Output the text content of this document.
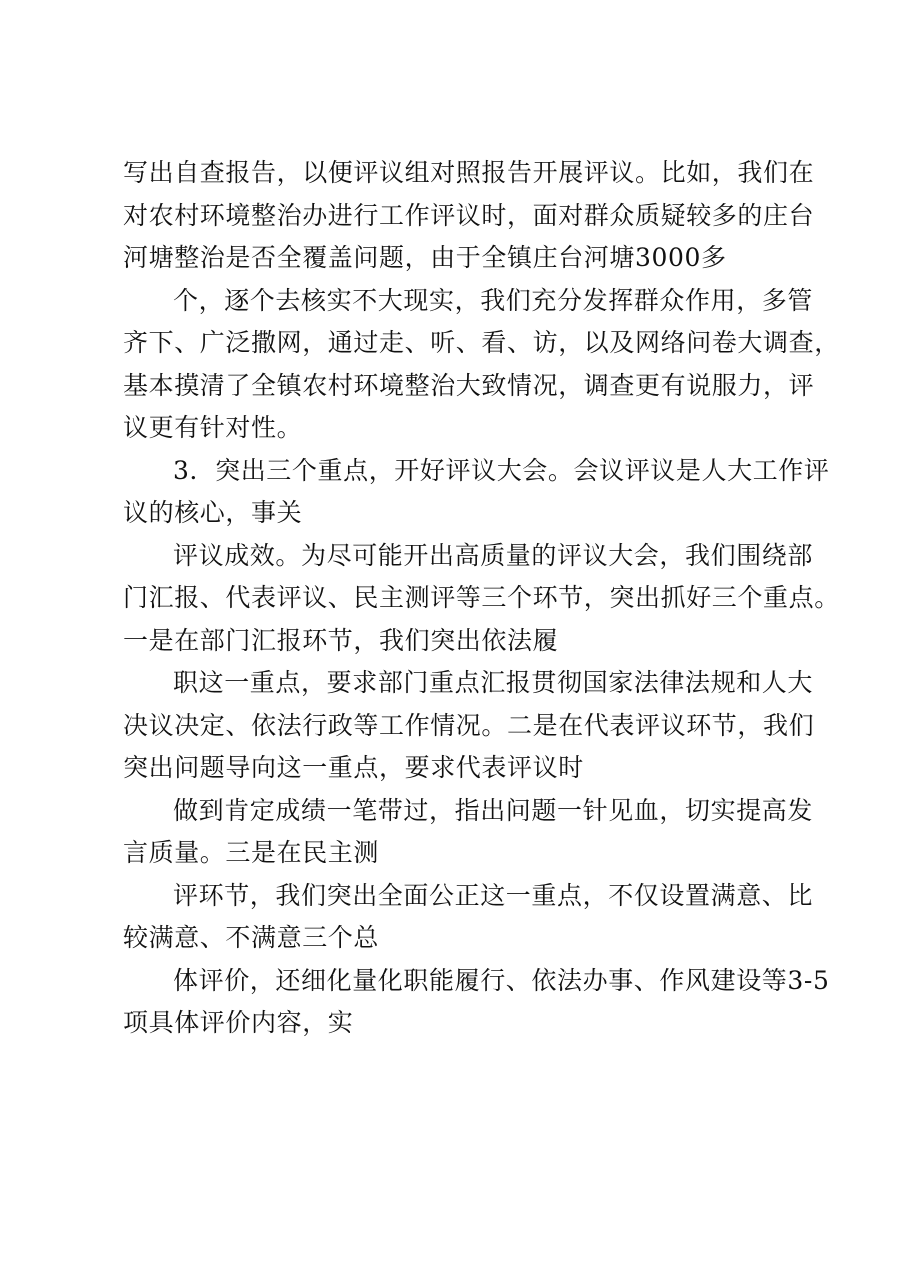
写出自查报告，以便评议组对照报告开展评议。比如，我们在

对农村环境整治办进行工作评议时，面对群众质疑较多的庄台

河塘整治是否全覆盖问题，由于全镇庄台河塘3000多

个，逐个去核实不大现实，我们充分发挥群众作用，多管

齐下、广泛撒网，通过走、听、看、访，以及网络问卷大调查，

基本摸清了全镇农村环境整治大致情况，调查更有说服力，评

议更有针对性。

3．突出三个重点，开好评议大会。会议评议是人大工作评

议的核心，事关

评议成效。为尽可能开出高质量的评议大会，我们围绕部

门汇报、代表评议、民主测评等三个环节，突出抓好三个重点。

一是在部门汇报环节，我们突出依法履

职这一重点，要求部门重点汇报贯彻国家法律法规和人大

决议决定、依法行政等工作情况。二是在代表评议环节，我们

突出问题导向这一重点，要求代表评议时

做到肯定成绩一笔带过，指出问题一针见血，切实提高发

言质量。三是在民主测

评环节，我们突出全面公正这一重点，不仅设置满意、比

较满意、不满意三个总

体评价，还细化量化职能履行、依法办事、作风建设等3-5

项具体评价内容，实
